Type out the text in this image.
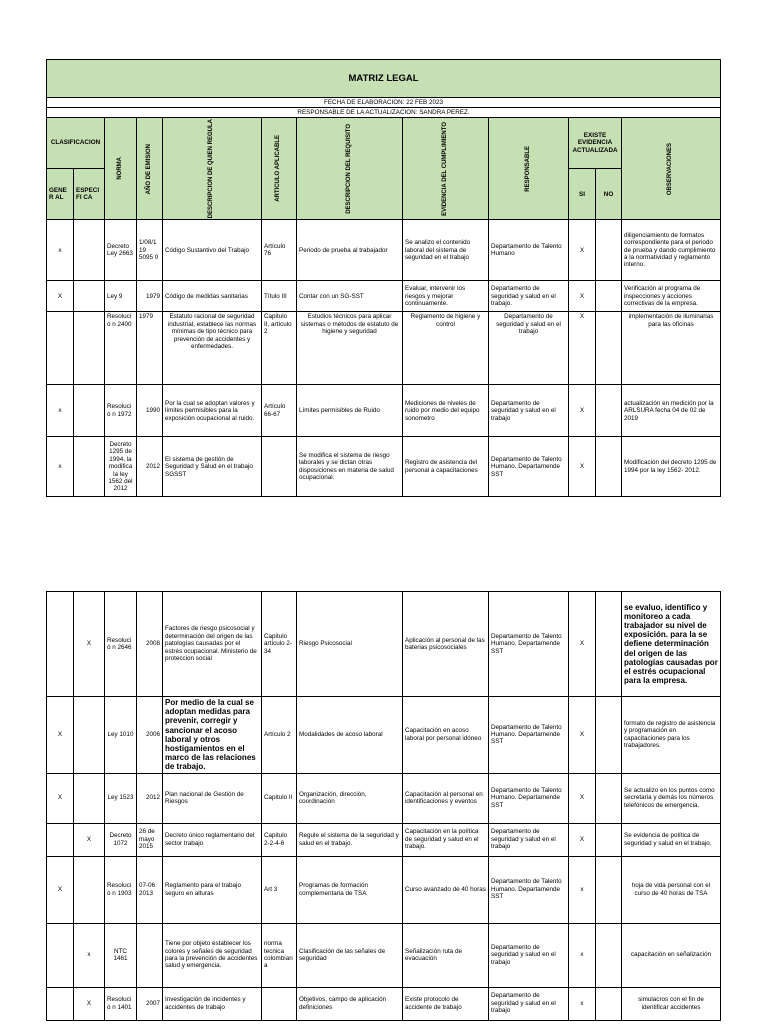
MATRIZ LEGAL											
FECHA DE ELABORACION: 22 FEB 2023											
RESPONSABLE DE LA ACTUALIZACION: SANDRA PEREZ.											
CLASIFICACION		NORMA	AÑO DE EMISION	DESCRIPCION DE QUIEN REGULA	ARTICULO APLICABLE	DESCRIPCION DEL REQUISITO	EVIDENCIA DEL CUMPLIMIENTO	RESPONSABLE	EXISTE EVIDENCIA ACTUALIZADA		OBSERVACIONES

GENER AL	ESPECIFI CA								SI	NO	
x		Decreto Ley 2663	1/08/1 19 5095 0	Código Sustantivo del Trabajo	Artículo 76	Periodo de prueba al trabajador	Se analizo el contenido laboral del sistema de seguridad en el trabajo	Departamento de Talento Humano	X		diligenciamiento de formatos correspondiente para el periodo de prueba y dando cumplimiento a la normatividad y reglamento interno.
X		Ley 9	1979	Código de medidas sanitarias	Título III	Contar con un SG-SST	Evaluar, intervenir los riesgos y mejorar continuamente.	Departamento de seguridad y salud en el trabajo.	X		Verificación al programa de inspecciones y acciones correctivas de la empresa.
		Resolució n 2400	1979	Estatuto racional de seguridad industrial, establece las normas mínimas de tipo técnico para prevención de accidentes y enfermedades.	Capitulo II, artículo 2	Estudios técnicos para aplicar sistemas o métodos de estatuto de higiene y seguridad	Reglamento de higiene y control	Departamento de seguridad y salud en el trabajo	X		implementación de iluminarias para las oficinas
x		Resolució n 1972	1990	Por la cual se adoptan valores y límites permisibles para la exposición ocupacional al ruido.	Artículo 66-67	Límites permisibles de Ruido	Mediciones de niveles de ruido por medio del equipo sonometro	Departamento de seguridad y salud en el trabajo	X		actualización en medición por la ARLSURA fecha 04 de 02 de 2019
x		Decreto 1295 de 1994, la modifica la ley 1562 del 2012	2012	El sistema de gestión de Seguridad y Salud en el trabajo SGSST		Se modifica el sistema de riesgo laborales y se dictan otras disposiciones en materia de salud ocupacional.	Registro de asistencia del personal a capacitaciones	Departamento de Talento Humano. Departamende SST	X		Modificación del decreto 1295 de 1994 por la ley 1562- 2012.
	X	Resolució n 2646	2008	Factores de riesgo psicosocial y determinación del origen de las patologías causadas por el estrés ocupacional. Ministerio de proteccion social	Capitulo artículo 2-34	Riesgo Psicosocial	Aplicación al personal de las baterias psicosociales	Departamento de Talento Humano. Departamende SST	X		se evaluo, identifico y monitoreo a cada trabajador su nivel de exposición. para la se defiene determinación del origen de las patologías causadas por el estrés ocupacional para la empresa.
X		Ley 1010	2006	Por medio de la cual se adoptan medidas para prevenir, corregir y sancionar el acoso laboral y otros hostigamientos en el marco de las relaciones de trabajo.	Artículo 2	Modalidades de acoso laboral	Capacitación en acoso laboral por personal idóneo	Departamento de Talento Humano. Departamende SST	X		formato de registro de asistencia y programación en capacitaciones para los trabajadores.
X		Ley 1523	2012	Plan nacional de Gestión de Riesgos	Capitulo II	Organización, dirección, coordinación	Capacitación al personal en identificaciones y eventos	Departamento de Talento Humano. Departamende SST	X		Se actualizo en los puntos como secretaria y demás los números telefónicos de emergencia.
	X	Decreto 1072	26 de mayo 2015	Decreto único reglamentario del sector trabajo	Capitulo 2-2-4-6	Regule el sistema de la seguridad y salud en el trabajo.	Capacitación en la política de seguridad y salud en el trabajo.	Departamento de seguridad y salud en el trabajo	X		Se evidencia de política de seguridad y salud en el trabajo.
X		Resolució n 1903	07-06 2013	Reglamento para el trabajo seguro en alturas	Art 3	Programas de formación complementaria de TSA	Curso avanzado de 40 horas	Departamento de Talento Humano. Departamende SST	x		hoja de vida personal con el curso de 40 horas de TSA
	x	NTC 1461		Tiene por objeto establecer los colores y señales de seguridad para la prevención de accidentes salud y emergencia.	norma tecnica colombian a	Clasificación de las señales de seguridad	Señalización ruta de evacuación	Departamento de seguridad y salud en el trabajo	x		capacitación en señalización
	X	Resolució n 1401	2007	Investigación de incidentes y accidentes de trabajo		Objetivos, campo de aplicación definiciones	Existe protocolo de accidente de trabajo	Departamento de seguridad y salud en el trabajo	x		simulacros con el fin de identificar accidentes
